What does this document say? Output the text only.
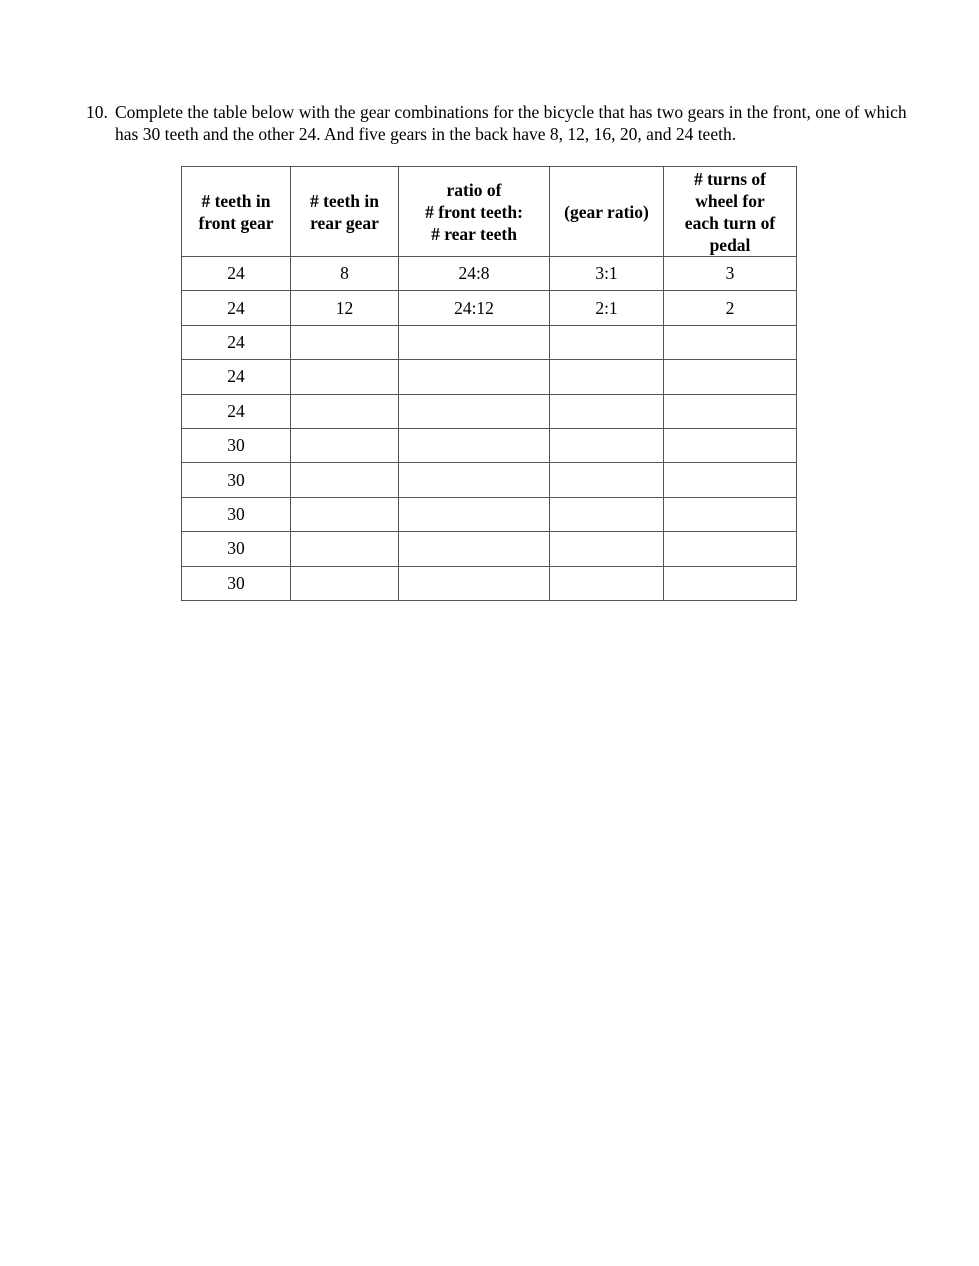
10. Complete the table below with the gear combinations for the bicycle that has two gears in the front, one of which has 30 teeth and the other 24. And five gears in the back have 8, 12, 16, 20, and 24 teeth.
# teeth in
front gear	# teeth in
rear gear	ratio of
# front teeth:
# rear teeth	(gear ratio)	# turns of
wheel for
each turn of
pedal
24	8	24:8	3:1	3
24	12	24:12	2:1	2
24				
24				
24				
30				
30				
30				
30				
30				
